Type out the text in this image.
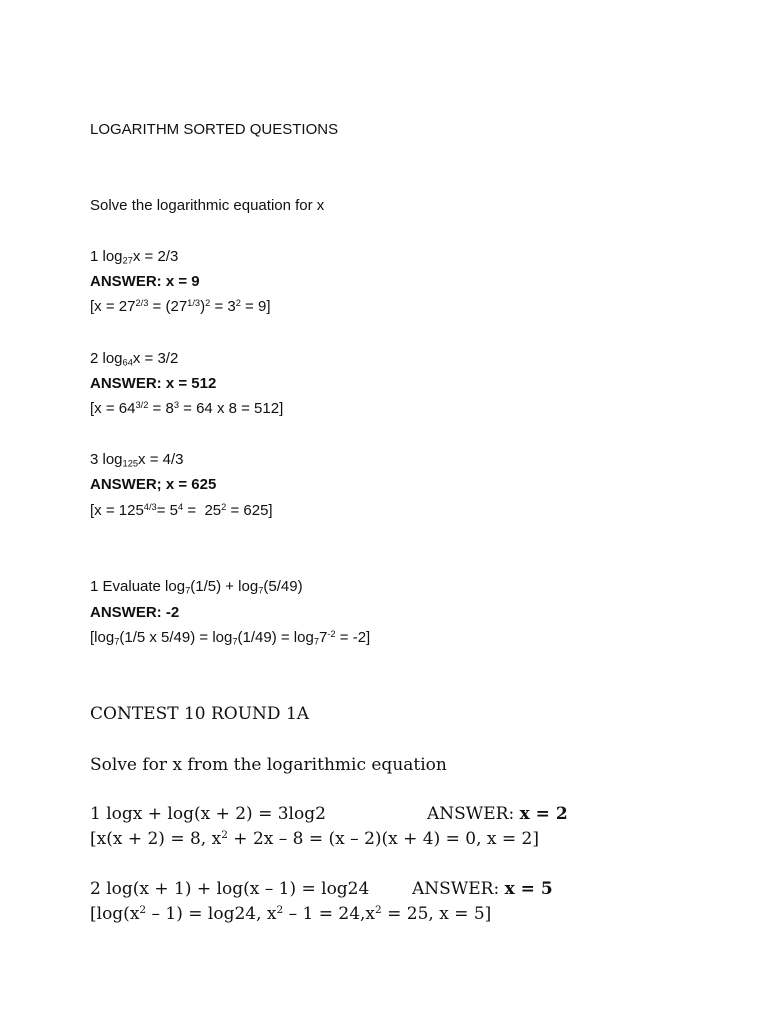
LOGARITHM SORTED QUESTIONS
Solve the logarithmic equation for x
1 $\log_{27}x = 2/3$
ANSWER: x = 9
$[x = 27^{2/3} = (27^{1/3})^2 = 3^2 = 9]$
2 $\log_{64}x = 3/2$
ANSWER: x = 512
[$x = 64^{3/2} = 8^3 = 64$ x 8 = 512]
3 $\log_{125}x = 4/3$
ANSWER; x = 625
$[x = 125^{4/3}= 5^4 = 25^2 = 625]$
1 Evaluate $\log_7(1/5) + \log_7(5/49)$
ANSWER: -2
[$\log_7(1/5$ x $5/49) = \log_7(1/49) = \log_77^{-2} = -2$]
CONTEST 10 ROUND 1A
Solve for x from the logarithmic equation
1 logx + log(x + 2) = 3log2	ANSWER: x = 2
[x(x + 2) = 8, $x^2 + 2x - 8 = (x - 2)(x + 4) = 0$, x = 2]
2 log(x + 1) + log(x – 1) = log24	ANSWER: x = 5
[$\log(x^2 - 1) = \log 24$, $x^2 - 1 = 24,x^2 = 25$, x = 5]
